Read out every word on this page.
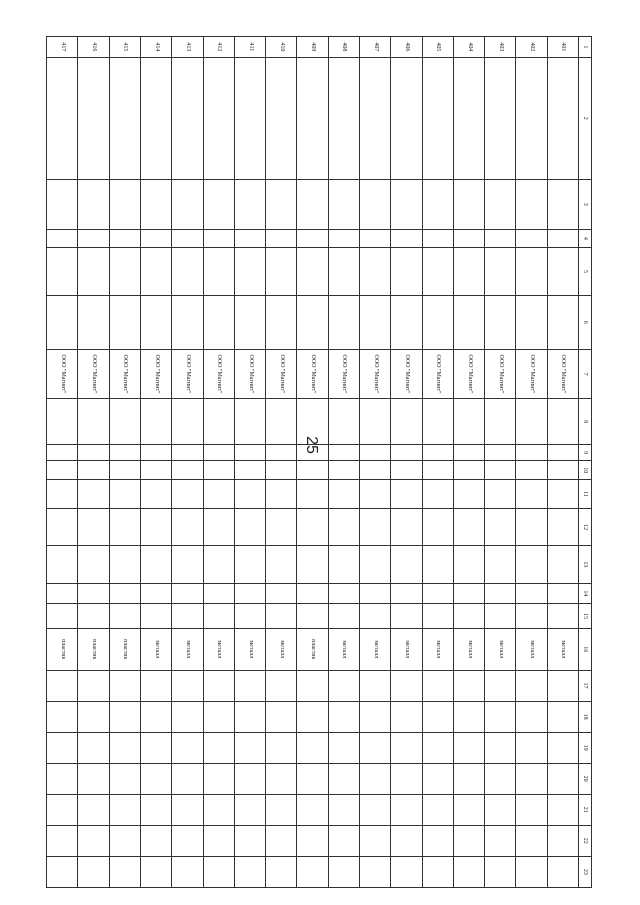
25
1	2	3	4	5	6	7	8	9	10	11	12	13	14	15	16	17	18	19	20	21	22	23
401						ООО "Магнит"									металл							
402						ООО "Магнит"									металл							
403						ООО "Магнит"									металл							
404						ООО "Магнит"									металл							
405						ООО "Магнит"									металл							
406						ООО "Магнит"									металл							
407						ООО "Магнит"									металл							
408						ООО "Магнит"									металл							
409						ООО "Магнит"									пластик							
410						ООО "Магнит"									металл							
411						ООО "Магнит"									металл							
412						ООО "Магнит"									металл							
413						ООО "Магнит"									металл							
414						ООО "Магнит"									металл							
415						ООО "Магнит"									пластик							
416						ООО "Магнит"									пластик							
417						ООО "Магнит"									пластик							
